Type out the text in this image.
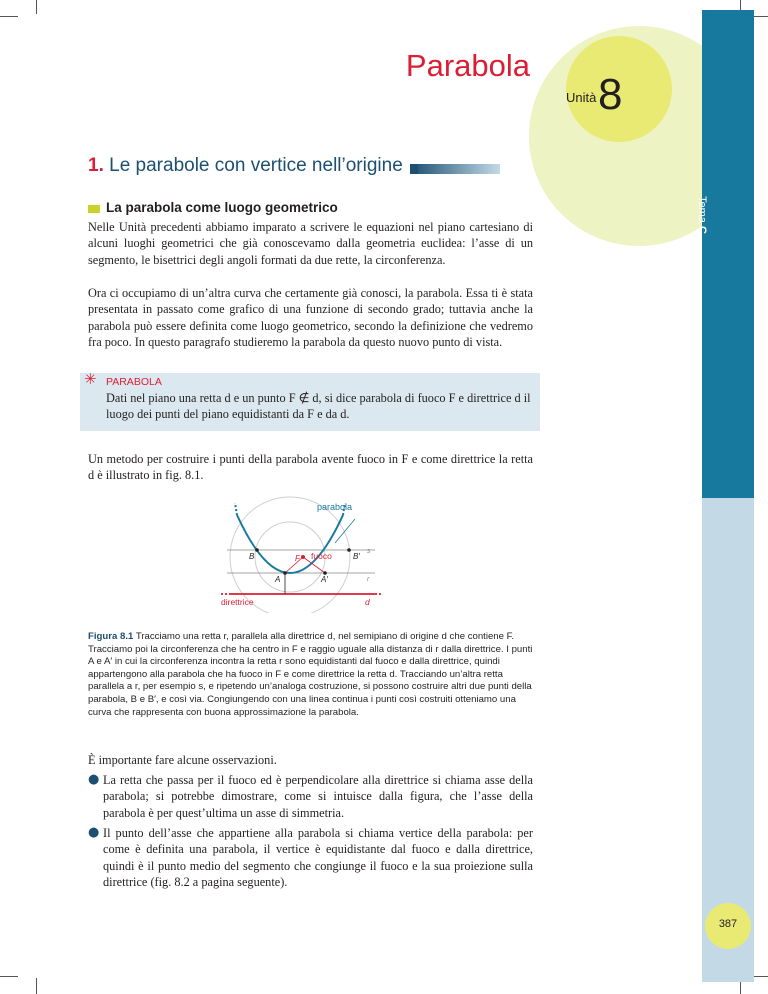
Parabola
Unità 8
Tema C
1. Le parabole con vertice nell’origine
La parabola come luogo geometrico
Nelle Unità precedenti abbiamo imparato a scrivere le equazioni nel piano cartesiano di alcuni luoghi geometrici che già conoscevamo dalla geometria euclidea: l’asse di un segmento, le bisettrici degli angoli formati da due rette, la circonferenza.
Ora ci occupiamo di un’altra curva che certamente già conosci, la parabola. Essa ti è stata presentata in passato come grafico di una funzione di secondo grado; tuttavia anche la parabola può essere definita come luogo geometrico, secondo la definizione che vedremo fra poco. In questo paragrafo studieremo la parabola da questo nuovo punto di vista.
✳ PARABOLA
Dati nel piano una retta d e un punto F ∉ d, si dice parabola di fuoco F e direttrice d il luogo dei punti del piano equidistanti da F e da d.
Un metodo per costruire i punti della parabola avente fuoco in F e come direttrice la retta d è illustrato in fig. 8.1.
parabola
F fuoco
direttrice	d
B	B′
A	A′
s
r
Figura 8.1 Tracciamo una retta r, parallela alla direttrice d, nel semipiano di origine d che contiene F. Tracciamo poi la circonferenza che ha centro in F e raggio uguale alla distanza di r dalla direttrice. I punti A e A′ in cui la circonferenza incontra la retta r sono equidistanti dal fuoco e dalla direttrice, quindi appartengono alla parabola che ha fuoco in F e come direttrice la retta d. Tracciando un’altra retta parallela a r, per esempio s, e ripetendo un’analoga costruzione, si possono costruire altri due punti della parabola, B e B′, e così via. Congiungendo con una linea continua i punti così costruiti otteniamo una curva che rappresenta con buona approssimazione la parabola.
È importante fare alcune osservazioni.
● La retta che passa per il fuoco ed è perpendicolare alla direttrice si chiama asse della parabola; si potrebbe dimostrare, come si intuisce dalla figura, che l’asse della parabola è per quest’ultima un asse di simmetria.
● Il punto dell’asse che appartiene alla parabola si chiama vertice della parabola: per come è definita una parabola, il vertice è equidistante dal fuoco e dalla direttrice, quindi è il punto medio del segmento che congiunge il fuoco e la sua proiezione sulla direttrice (fig. 8.2 a pagina seguente).
387
